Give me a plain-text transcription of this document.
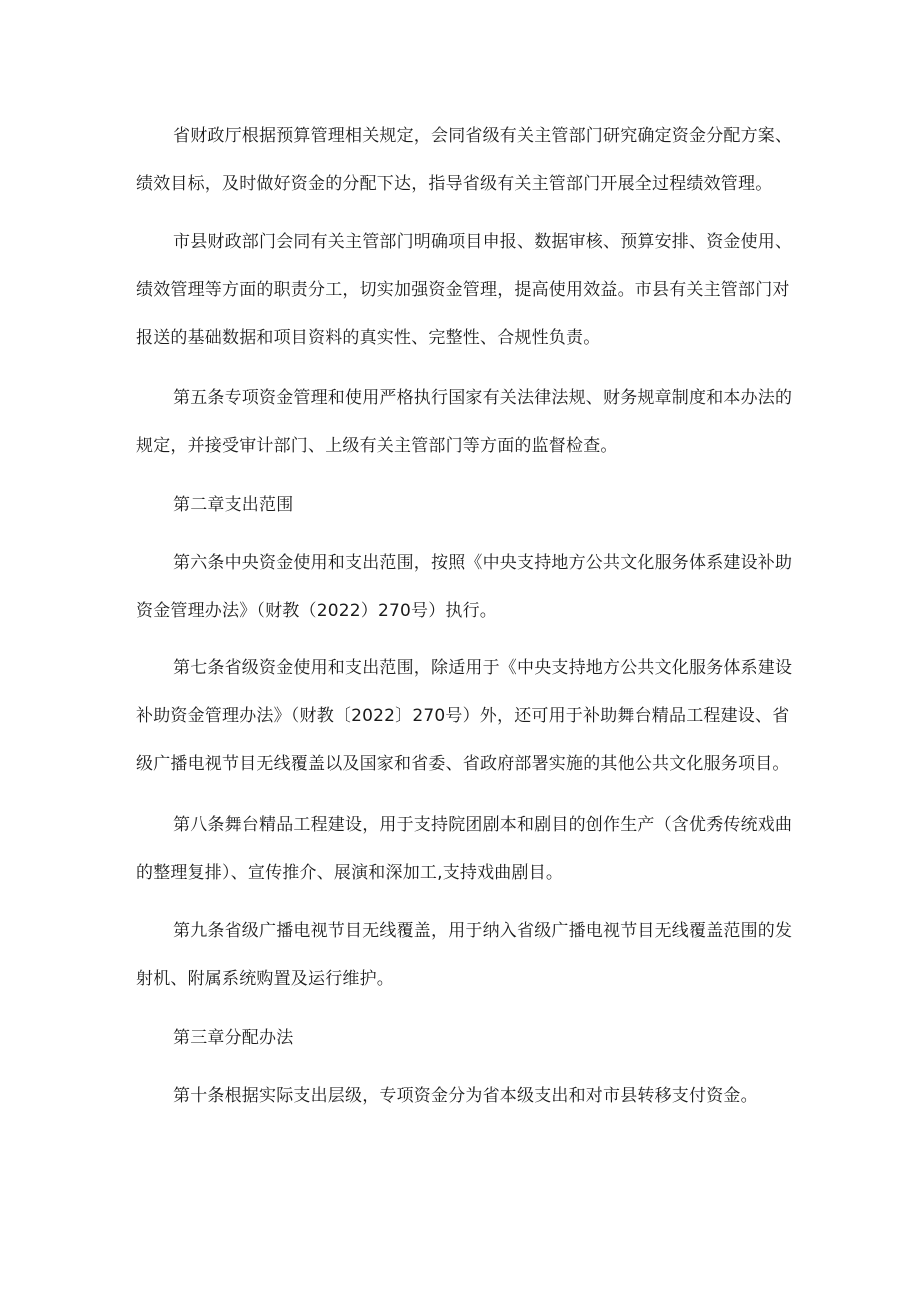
省财政厅根据预算管理相关规定，会同省级有关主管部门研究确定资金分配方案、
绩效目标，及时做好资金的分配下达，指导省级有关主管部门开展全过程绩效管理。
市县财政部门会同有关主管部门明确项目申报、数据审核、预算安排、资金使用、
绩效管理等方面的职责分工，切实加强资金管理，提高使用效益。市县有关主管部门对
报送的基础数据和项目资料的真实性、完整性、合规性负责。
第五条专项资金管理和使用严格执行国家有关法律法规、财务规章制度和本办法的
规定，并接受审计部门、上级有关主管部门等方面的监督检查。
第二章支出范围
第六条中央资金使用和支出范围，按照《中央支持地方公共文化服务体系建设补助
资金管理办法》（财教（2022）270号）执行。
第七条省级资金使用和支出范围，除适用于《中央支持地方公共文化服务体系建设
补助资金管理办法》（财教〔2022〕270号）外，还可用于补助舞台精品工程建设、省
级广播电视节目无线覆盖以及国家和省委、省政府部署实施的其他公共文化服务项目。
第八条舞台精品工程建设，用于支持院团剧本和剧目的创作生产（含优秀传统戏曲
的整理复排）、宣传推介、展演和深加工,支持戏曲剧目。
第九条省级广播电视节目无线覆盖，用于纳入省级广播电视节目无线覆盖范围的发
射机、附属系统购置及运行维护。
第三章分配办法
第十条根据实际支出层级，专项资金分为省本级支出和对市县转移支付资金。
